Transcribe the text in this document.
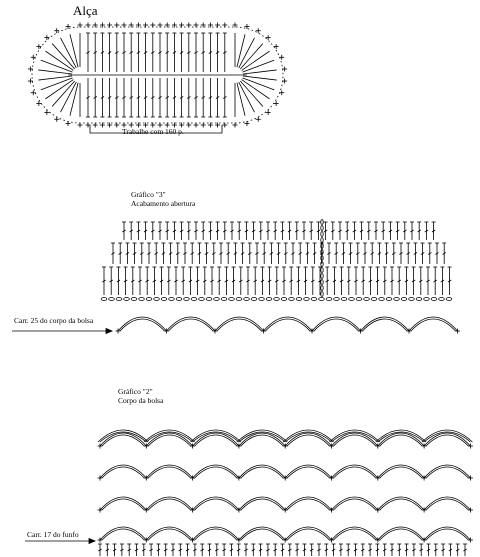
Alça
Trabalhe com 160 p.
Gráfico "3"
Acabamento abertura
Carr. 25 do corpo da bolsa
Gráfico "2"
Corpo da bolsa
Carr. 17 do funfo
